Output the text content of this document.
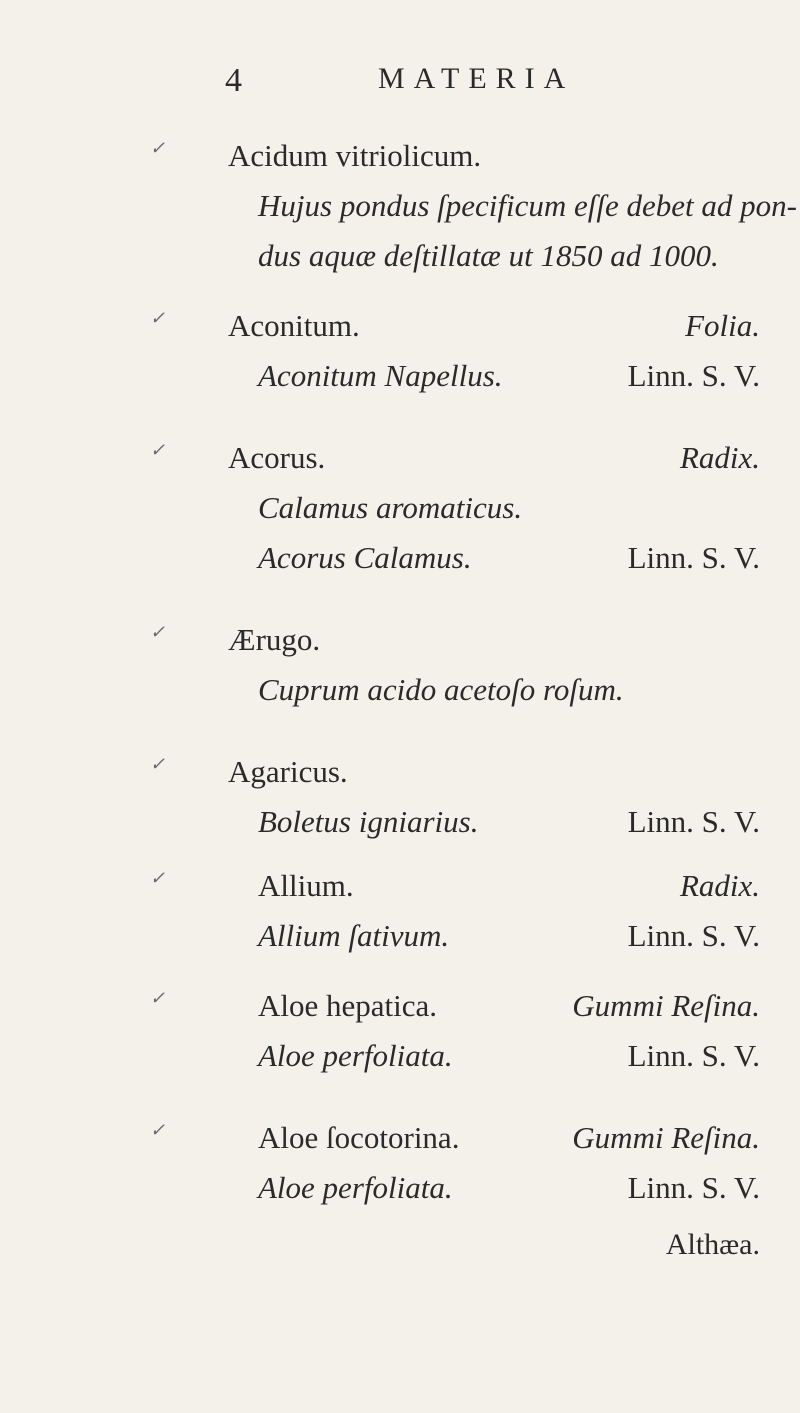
4	MATERIA
✓ Acidum vitriolicum.
Hujus pondus ſpecificum eſſe debet ad pon-
dus aquæ deſtillatæ ut 1850 ad 1000.
✓ Aconitum.	Folia.
Aconitum Napellus.	Linn. S. V.
✓ Acorus.	Radix.
Calamus aromaticus.
Acorus Calamus.	Linn. S. V.
✓ Ærugo.
Cuprum acido acetoſo roſum.
✓ Agaricus.
Boletus igniarius.	Linn. S. V.
✓	Allium.	Radix.
Allium ſativum.	Linn. S. V.
✓	Aloe hepatica.	Gummi Reſina.
Aloe perfoliata.	Linn. S. V.
✓	Aloe ſocotorina.	Gummi Reſina.
Aloe perfoliata.	Linn. S. V.
Althæa.
